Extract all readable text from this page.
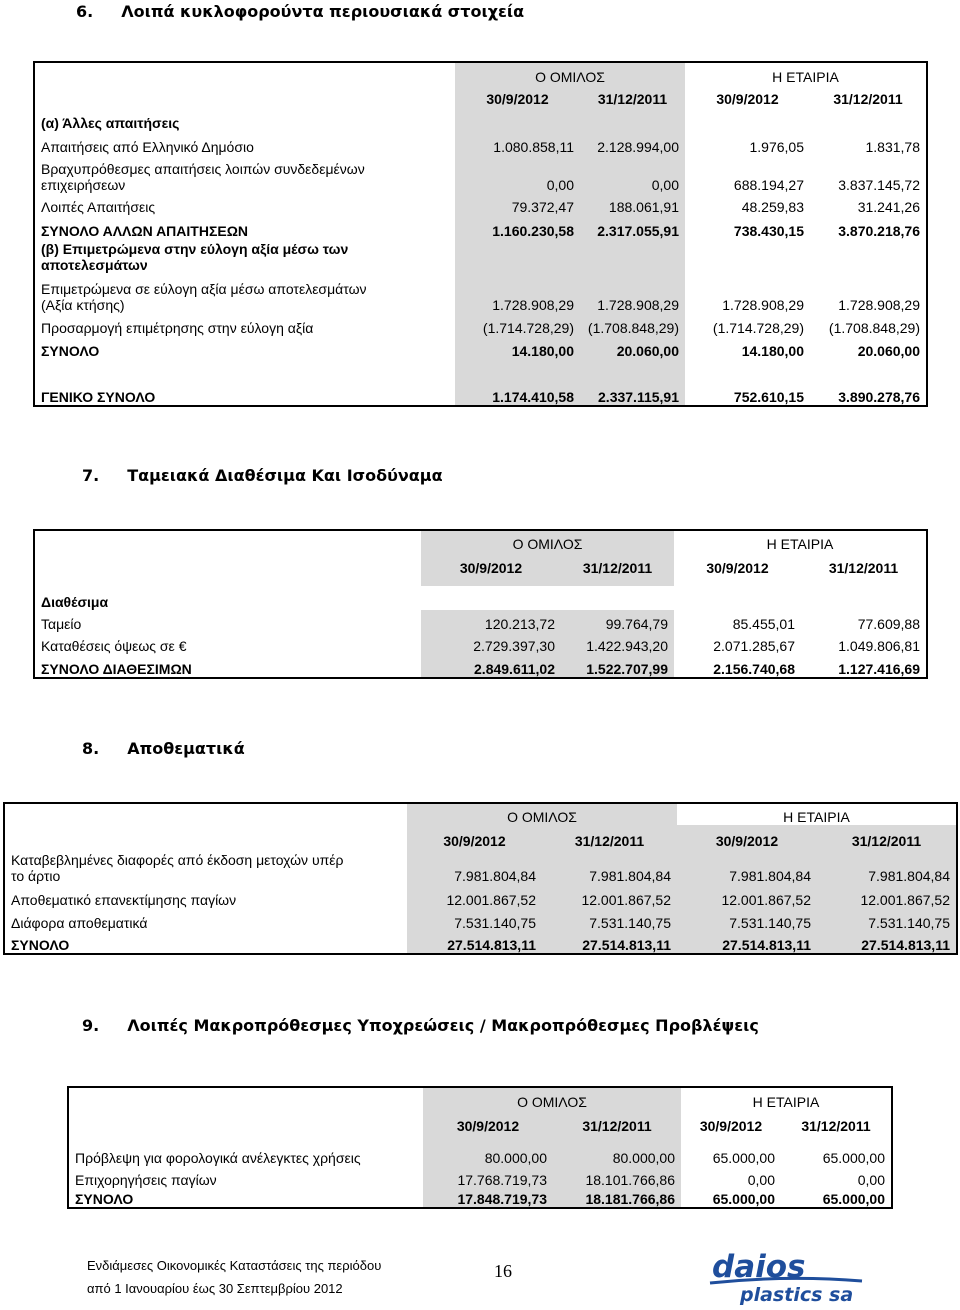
6. Λοιπά κυκλοφορούντα περιουσιακά στοιχεία
7. Ταμειακά Διαθέσιμα Και Ισοδύναμα
8. Αποθεματικά
9. Λοιπές Μακροπρόθεσμες Υποχρεώσεις / Μακροπρόθεσμες Προβλέψεις
Ο ΟΜΙΛΟΣ	Η ΕΤΑΙΡΙΑ
30/9/2012	31/12/2011	30/9/2012	31/12/2011
(α) Άλλες απαιτήσεις
Απαιτήσεις από Ελληνικό Δημόσιο	1.080.858,11	2.128.994,00	1.976,05	1.831,78
Βραχυπρόθεσμες απαιτήσεις λοιπών συνδεδεμένων
επιχειρήσεων	0,00	0,00	688.194,27	3.837.145,72
Λοιπές Απαιτήσεις	79.372,47	188.061,91	48.259,83	31.241,26
ΣΥΝΟΛΟ ΑΛΛΩΝ ΑΠΑΙΤΗΣΕΩΝ	1.160.230,58	2.317.055,91	738.430,15	3.870.218,76
(β) Επιμετρώμενα στην εύλογη αξία μέσω των
αποτελεσμάτων
Επιμετρώμενα σε εύλογη αξία μέσω αποτελεσμάτων
(Αξία κτήσης)	1.728.908,29	1.728.908,29	1.728.908,29	1.728.908,29
Προσαρμογή επιμέτρησης στην εύλογη αξία	(1.714.728,29) (1.708.848,29)	(1.714.728,29)	(1.708.848,29)
ΣΥΝΟΛΟ	14.180,00	20.060,00	14.180,00	20.060,00
ΓΕΝΙΚΟ ΣΥΝΟΛΟ	1.174.410,58	2.337.115,91	752.610,15	3.890.278,76
Ο ΟΜΙΛΟΣ	Η ΕΤΑΙΡΙΑ
30/9/2012	31/12/2011	30/9/2012	31/12/2011
Διαθέσιμα
Ταμείο	120.213,72	99.764,79	85.455,01	77.609,88
Καταθέσεις όψεως σε €	2.729.397,30	1.422.943,20	2.071.285,67	1.049.806,81
ΣΥΝΟΛΟ ΔΙΑΘΕΣΙΜΩΝ	2.849.611,02	1.522.707,99	2.156.740,68	1.127.416,69
Ο ΟΜΙΛΟΣ	Η ΕΤΑΙΡΙΑ
30/9/2012	31/12/2011	30/9/2012	31/12/2011
Καταβεβλημένες διαφορές από έκδοση μετοχών υπέρ
το άρτιο	7.981.804,84	7.981.804,84	7.981.804,84	7.981.804,84
Αποθεματικό επανεκτίμησης παγίων	12.001.867,52	12.001.867,52	12.001.867,52	12.001.867,52
Διάφορα αποθεματικά	7.531.140,75	7.531.140,75	7.531.140,75	7.531.140,75
ΣΥΝΟΛΟ	27.514.813,11	27.514.813,11	27.514.813,11	27.514.813,11
Ο ΟΜΙΛΟΣ	Η ΕΤΑΙΡΙΑ
30/9/2012	31/12/2011	30/9/2012	31/12/2011
Πρόβλεψη για φορολογικά ανέλεγκτες χρήσεις	80.000,00	80.000,00	65.000,00	65.000,00
Επιχορηγήσεις παγίων	17.768.719,73	18.101.766,86	0,00	0,00
ΣΥΝΟΛΟ	17.848.719,73	18.181.766,86	65.000,00	65.000,00
Ενδιάμεσες Οικονομικές Καταστάσεις της περιόδου
από 1 Ιανουαρίου έως 30 Σεπτεμβρίου 2012
16	daios
plastics sa
